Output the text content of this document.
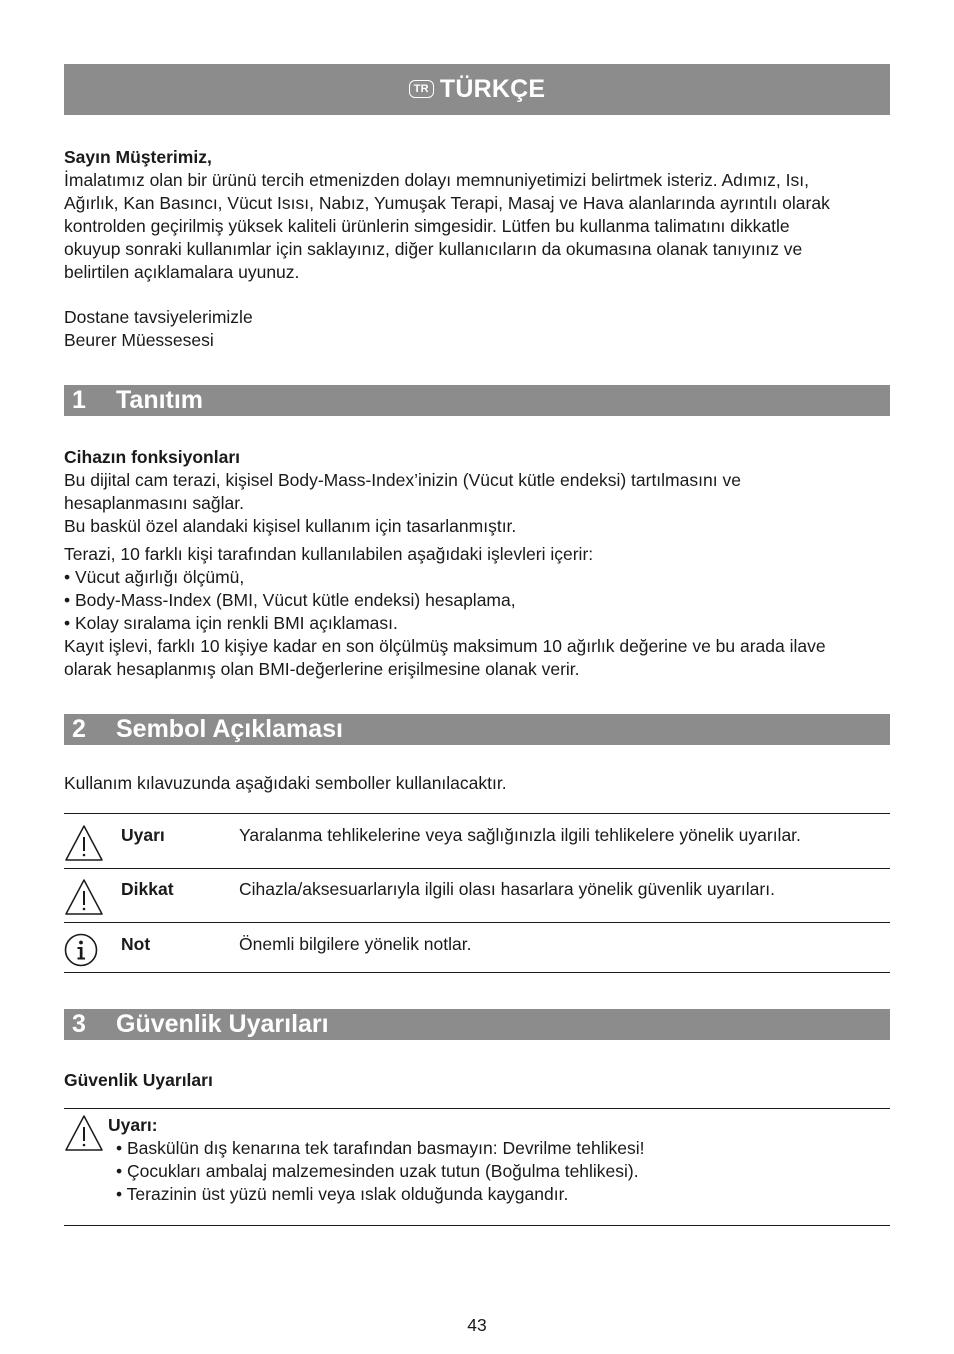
TR TÜRKÇE

Sayın Müşterimiz,

İmalatımız olan bir ürünü tercih etmenizden dolayı memnuniyetimizi belirtmek isteriz. Adımız, Isı,

Ağırlık, Kan Basıncı, Vücut Isısı, Nabız, Yumuşak Terapi, Masaj ve Hava alanlarında ayrıntılı olarak

kontrolden geçirilmiş yüksek kaliteli ürünlerin simgesidir. Lütfen bu kullanma talimatını dikkatle

okuyup sonraki kullanımlar için saklayınız, diğer kullanıcıların da okumasına olanak tanıyınız ve

belirtilen açıklamalara uyunuz.

Dostane tavsiyelerimizle

Beurer Müessesesi

1	Tanıtım

Cihazın fonksiyonları

Bu dijital cam terazi, kişisel Body-Mass-Index’inizin (Vücut kütle endeksi) tartılmasını ve

hesaplanmasını sağlar.

Bu baskül özel alandaki kişisel kullanım için tasarlanmıştır.

Terazi, 10 farklı kişi tarafından kullanılabilen aşağıdaki işlevleri içerir:

• Vücut ağırlığı ölçümü,

• Body-Mass-Index (BMI, Vücut kütle endeksi) hesaplama,

• Kolay sıralama için renkli BMI açıklaması.

Kayıt işlevi, farklı 10 kişiye kadar en son ölçülmüş maksimum 10 ağırlık değerine ve bu arada ilave

olarak hesaplanmış olan BMI-değerlerine erişilmesine olanak verir.

2	Sembol Açıklaması

Kullanım kılavuzunda aşağıdaki semboller kullanılacaktır.

Uyarı	Yaralanma tehlikelerine veya sağlığınızla ilgili tehlikelere yönelik uyarılar.
Dikkat	Cihazla/aksesuarlarıyla ilgili olası hasarlara yönelik güvenlik uyarıları.
Not	Önemli bilgilere yönelik notlar.
3	Güvenlik Uyarıları

Güvenlik Uyarıları

Uyarı:

• Baskülün dış kenarına tek tarafından basmayın: Devrilme tehlikesi!

• Çocukları ambalaj malzemesinden uzak tutun (Boğulma tehlikesi).

• Terazinin üst yüzü nemli veya ıslak olduğunda kaygandır.

43
